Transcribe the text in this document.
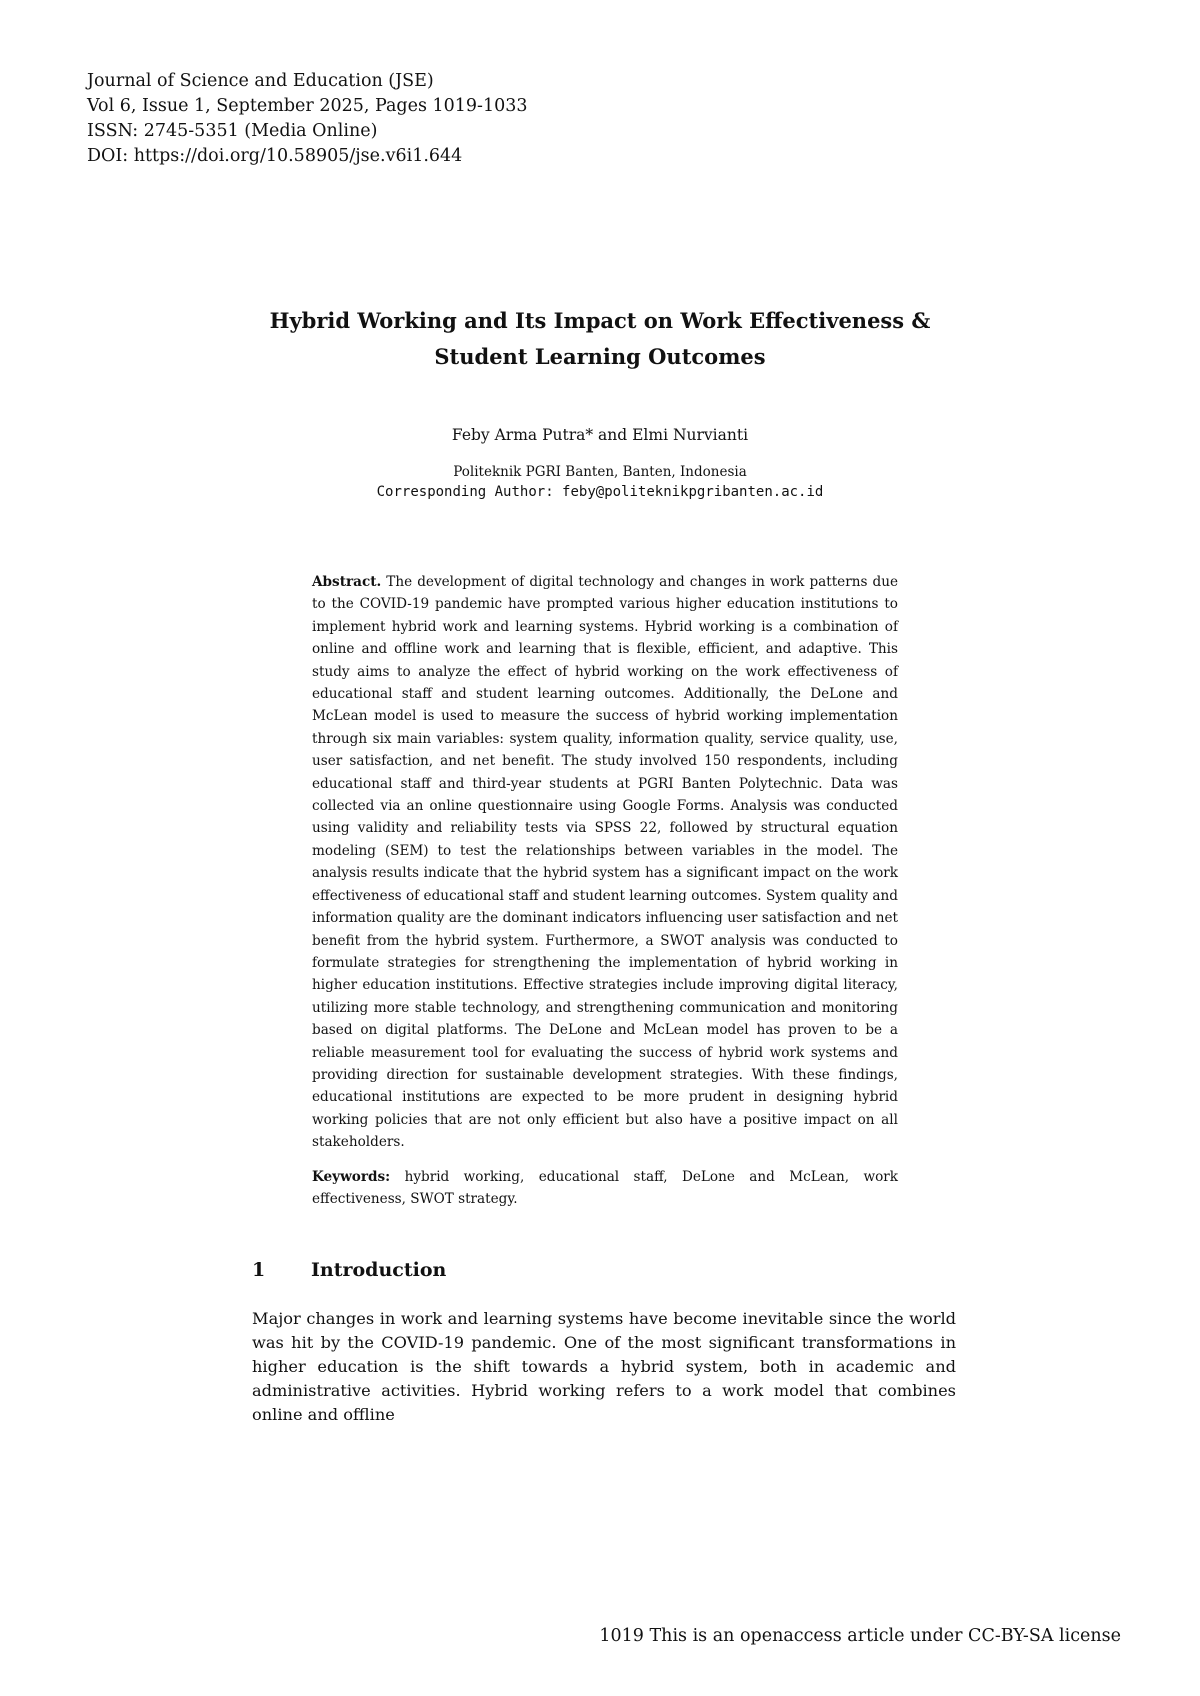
Journal of Science and Education (JSE)
Vol 6, Issue 1, September 2025, Pages 1019-1033
ISSN: 2745-5351 (Media Online)
DOI: https://doi.org/10.58905/jse.v6i1.644
Hybrid Working and Its Impact on Work Effectiveness &
Student Learning Outcomes
Feby Arma Putra* and Elmi Nurvianti
Politeknik PGRI Banten, Banten, Indonesia
Corresponding Author: feby@politeknikpgribanten.ac.id

Abstract. The development of digital technology and changes in work patterns due to the COVID-19 pandemic have prompted various higher education institutions to implement hybrid work and learning systems. Hybrid working is a combination of online and offline work and learning that is flexible, efficient, and adaptive. This study aims to analyze the effect of hybrid working on the work effectiveness of educational staff and student learning outcomes. Additionally, the DeLone and McLean model is used to measure the success of hybrid working implementation through six main variables: system quality, information quality, service quality, use, user satisfaction, and net benefit. The study involved 150 respondents, including educational staff and third-year students at PGRI Banten Polytechnic. Data was collected via an online questionnaire using Google Forms. Analysis was conducted using validity and reliability tests via SPSS 22, followed by structural equation modeling (SEM) to test the relationships between variables in the model. The analysis results indicate that the hybrid system has a significant impact on the work effectiveness of educational staff and student learning outcomes. System quality and information quality are the dominant indicators influencing user satisfaction and net benefit from the hybrid system. Furthermore, a SWOT analysis was conducted to formulate strategies for strengthening the implementation of hybrid working in higher education institutions. Effective strategies include improving digital literacy, utilizing more stable technology, and strengthening communication and monitoring based on digital platforms. The DeLone and McLean model has proven to be a reliable measurement tool for evaluating the success of hybrid work systems and providing direction for sustainable development strategies. With these findings, educational institutions are expected to be more prudent in designing hybrid working policies that are not only efficient but also have a positive impact on all stakeholders.

Keywords: hybrid working, educational staff, DeLone and McLean, work effectiveness, SWOT strategy.

1 Introduction

Major changes in work and learning systems have become inevitable since the world was hit by the COVID-19 pandemic. One of the most significant transformations in higher education is the shift towards a hybrid system, both in academic and administrative activities. Hybrid working refers to a work model that combines online and offline

1019 This is an openaccess article under CC-BY-SA license
